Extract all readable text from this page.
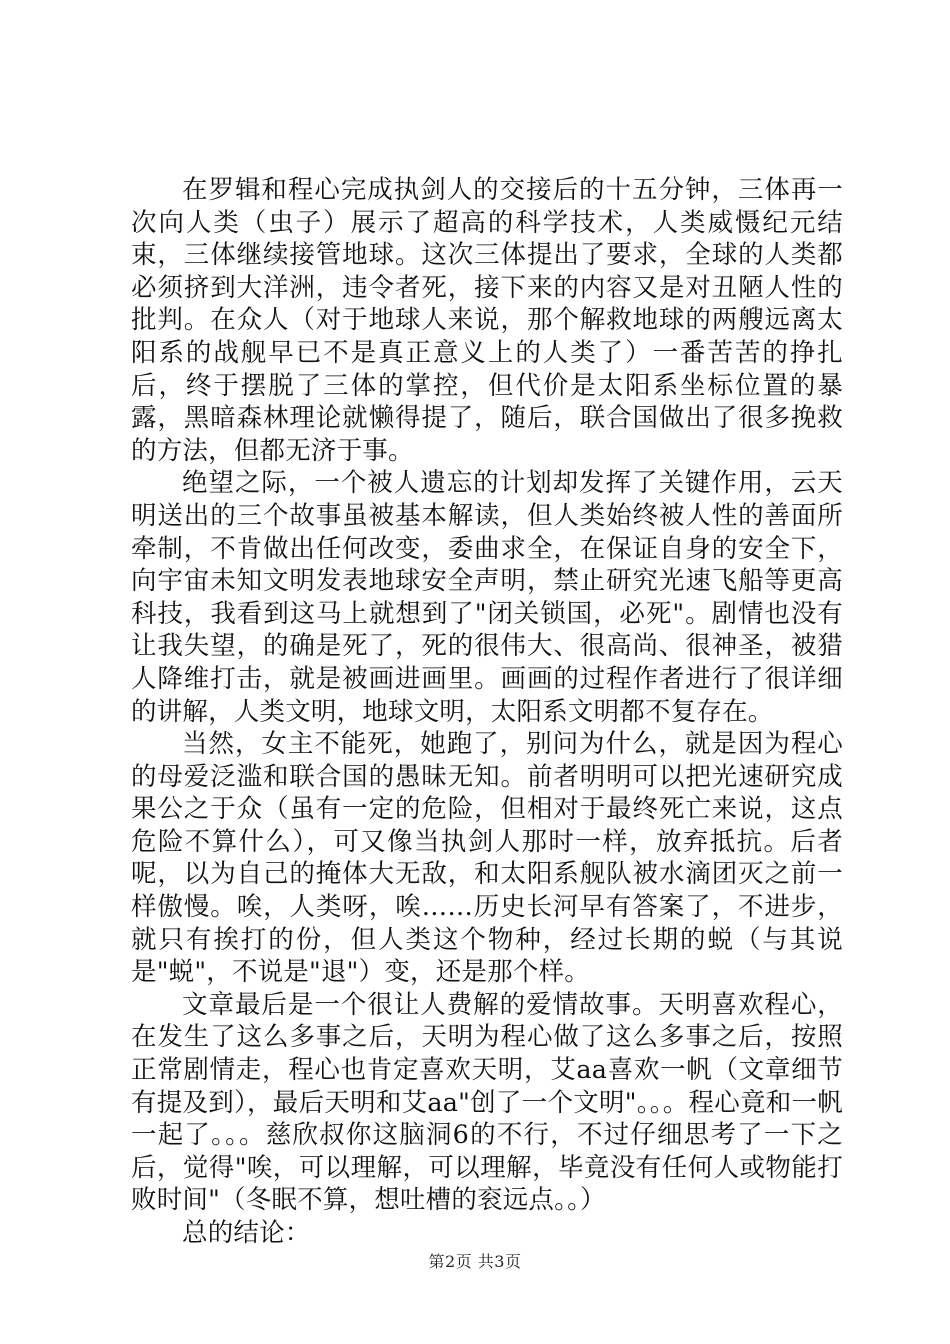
在罗辑和程心完成执剑人的交接后的十五分钟，三体再一次向人类（虫子）展示了超高的科学技术，人类威慑纪元结束，三体继续接管地球。这次三体提出了要求，全球的人类都必须挤到大洋洲，违令者死，接下来的内容又是对丑陋人性的批判。在众人（对于地球人来说，那个解救地球的两艘远离太阳系的战舰早已不是真正意义上的人类了）一番苦苦的挣扎后，终于摆脱了三体的掌控，但代价是太阳系坐标位置的暴露，黑暗森林理论就懒得提了，随后，联合国做出了很多挽救的方法，但都无济于事。

绝望之际，一个被人遗忘的计划却发挥了关键作用，云天明送出的三个故事虽被基本解读，但人类始终被人性的善面所牵制，不肯做出任何改变，委曲求全，在保证自身的安全下，向宇宙未知文明发表地球安全声明，禁止研究光速飞船等更高科技，我看到这马上就想到了"闭关锁国，必死"。剧情也没有让我失望，的确是死了，死的很伟大、很高尚、很神圣，被猎人降维打击，就是被画进画里。画画的过程作者进行了很详细的讲解，人类文明，地球文明，太阳系文明都不复存在。

当然，女主不能死，她跑了，别问为什么，就是因为程心的母爱泛滥和联合国的愚昧无知。前者明明可以把光速研究成果公之于众（虽有一定的危险，但相对于最终死亡来说，这点危险不算什么），可又像当执剑人那时一样，放弃抵抗。后者呢，以为自己的掩体大无敌，和太阳系舰队被水滴团灭之前一样傲慢。唉，人类呀，唉……历史长河早有答案了，不进步，就只有挨打的份，但人类这个物种，经过长期的蜕（与其说是"蜕"，不说是"退"）变，还是那个样。

文章最后是一个很让人费解的爱情故事。天明喜欢程心，在发生了这么多事之后，天明为程心做了这么多事之后，按照正常剧情走，程心也肯定喜欢天明，艾aa喜欢一帆（文章细节有提及到），最后天明和艾aa"创了一个文明"。。。程心竟和一帆一起了。。。慈欣叔你这脑洞6的不行，不过仔细思考了一下之后，觉得"唉，可以理解，可以理解，毕竟没有任何人或物能打败时间"（冬眠不算，想吐槽的衮远点。。）

总的结论：

第2页 共3页
